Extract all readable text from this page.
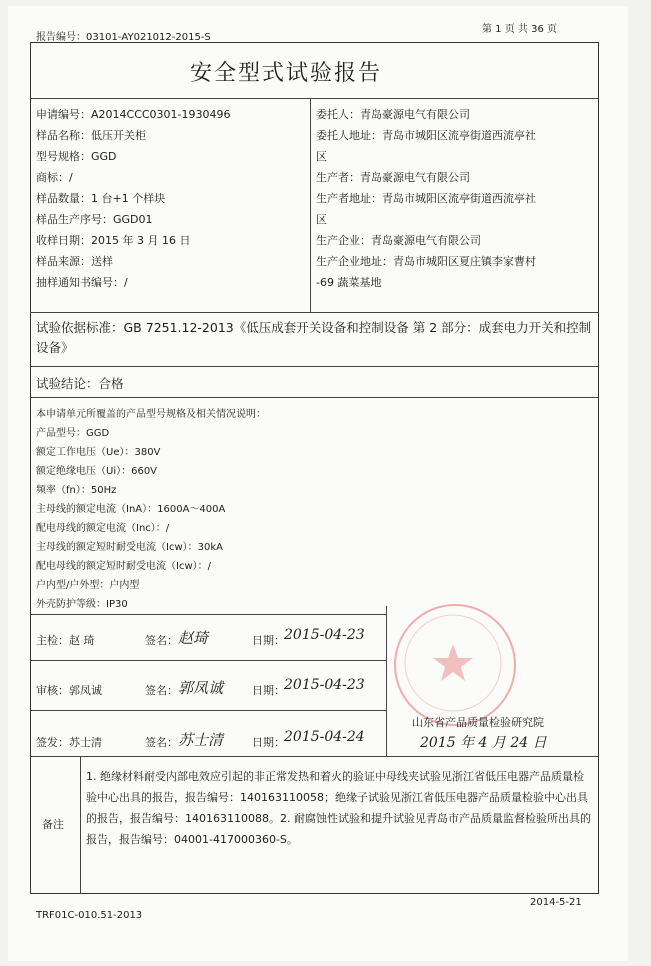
报告编号：03101-AY021012-2015-S
第 1 页 共 36 页
安全型式试验报告
申请编号：A2014CCC0301-1930496
样品名称：低压开关柜
型号规格：GGD
商标：/
样品数量：1 台+1 个样块
样品生产序号：GGD01
收样日期：2015 年 3 月 16 日
样品来源：送样
抽样通知书编号：/
委托人：青岛豪源电气有限公司
委托人地址：青岛市城阳区流亭街道西流亭社
区
生产者：青岛豪源电气有限公司
生产者地址：青岛市城阳区流亭街道西流亭社
区
生产企业：青岛豪源电气有限公司
生产企业地址：青岛市城阳区夏庄镇李家曹村
-69 蔬菜基地
试验依据标准：GB 7251.12-2013《低压成套开关设备和控制设备 第 2 部分：成套电力开关和控制设备》
试验结论：合格
本申请单元所覆盖的产品型号规格及相关情况说明：
产品型号：GGD
额定工作电压（Ue）：380V
额定绝缘电压（Ui）：660V
频率（fn）：50Hz
主母线的额定电流（InA）：1600A～400A
配电母线的额定电流（Inc）：/
主母线的额定短时耐受电流（Icw）：30kA
配电母线的额定短时耐受电流（Icw）：/
户内型/户外型：户内型
外壳防护等级：IP30
主检：赵 琦	签名： 赵琦	日期： 2015-04-23
审核：郭凤诚	签名： 郭凤诚	日期： 2015-04-23
签发：苏士清	签名： 苏士清	日期： 2015-04-24
山东省产品质量检验研究院
2015 年 4 月 24 日
备注
1. 绝缘材料耐受内部电效应引起的非正常发热和着火的验证中母线夹试验见浙江省低压电器产品质量检验中心出具的报告，报告编号：140163110058；绝缘子试验见浙江省低压电器产品质量检验中心出具的报告，报告编号：140163110088。2. 耐腐蚀性试验和提升试验见青岛市产品质量监督检验所出具的报告，报告编号：04001-417000360-S。
TRF01C-010.51-2013
2014-5-21
